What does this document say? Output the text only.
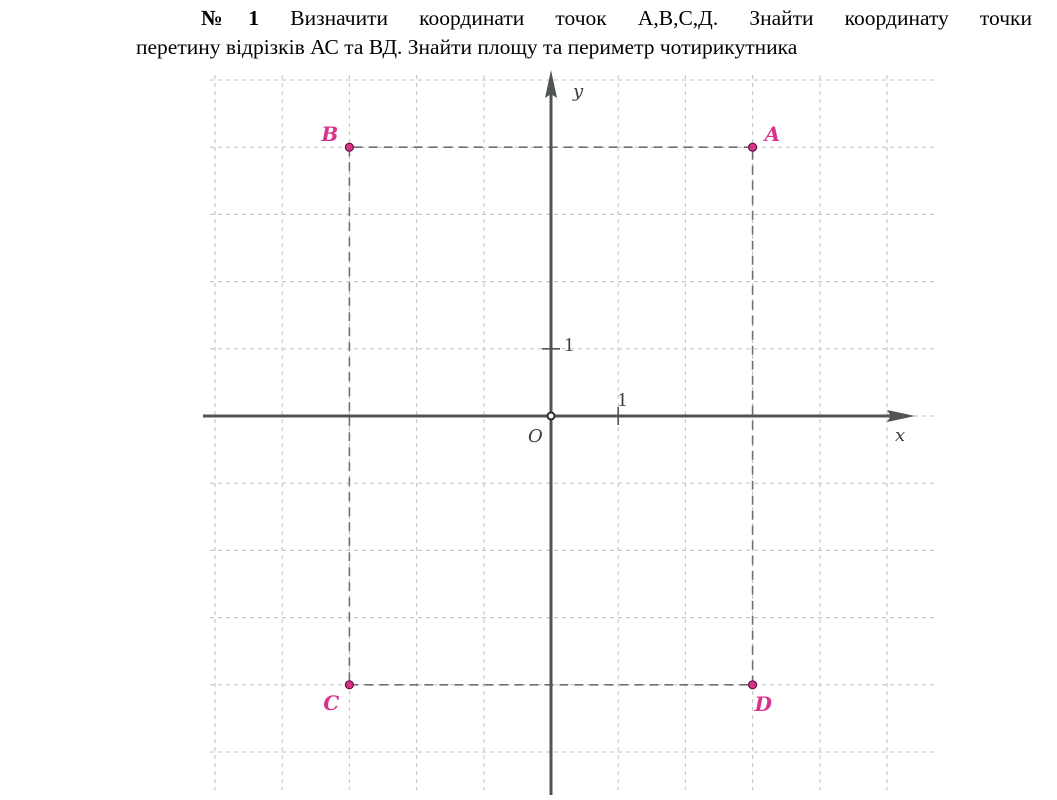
№1 Визначити координати точок А,В,С,Д. Знайти координату точки
перетину відрізків АС та ВД. Знайти площу та периметр чотирикутника

y
x
O
1
1
A
B
C	D
